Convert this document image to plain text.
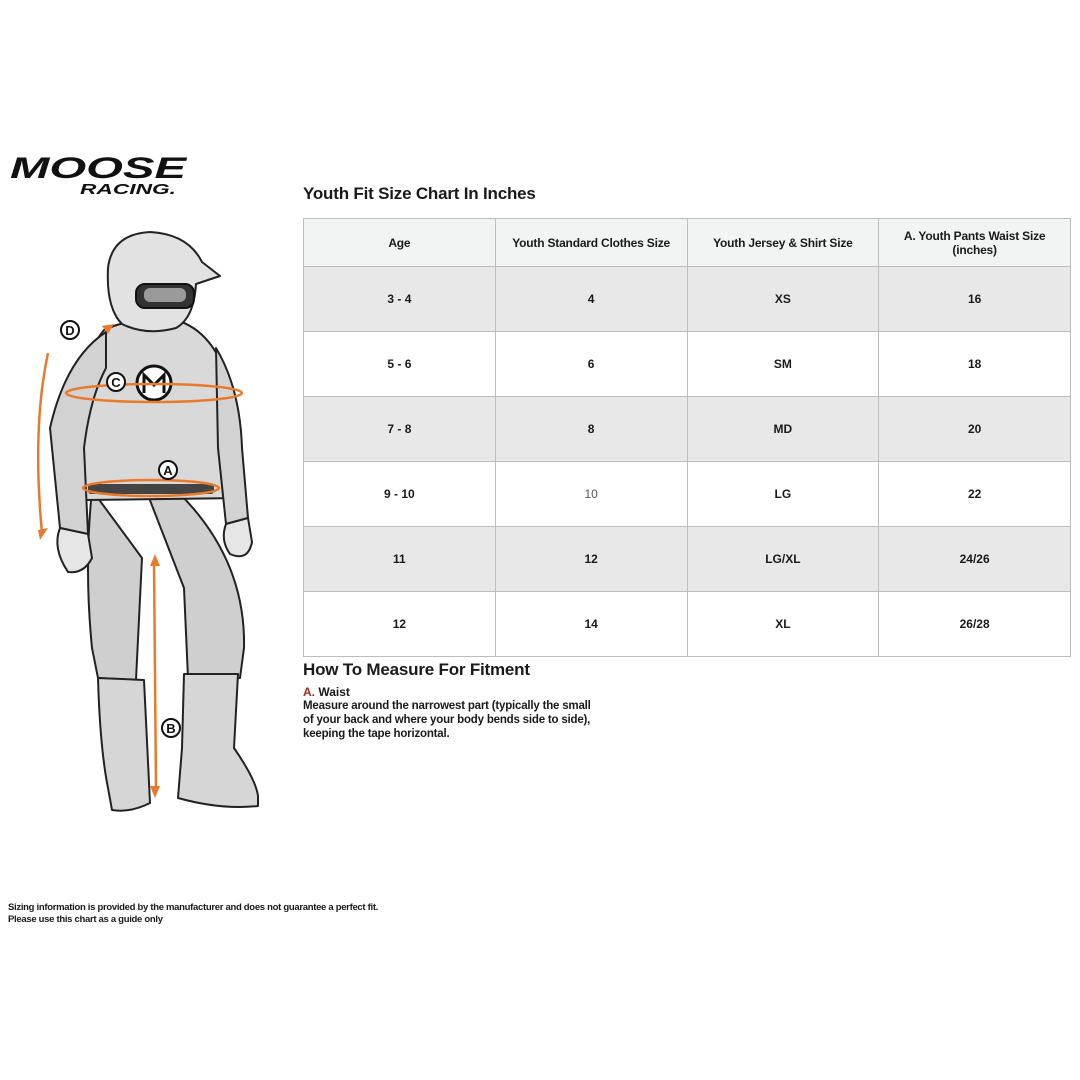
MOOSE
RACING.
D
C
A
B
Youth Fit Size Chart In Inches
Age	Youth Standard Clothes Size	Youth Jersey & Shirt Size	A. Youth Pants Waist Size (inches)
3 - 4	4	XS	16
5 - 6	6	SM	18
7 - 8	8	MD	20
9 - 10	10	LG	22
11	12	LG/XL	24/26
12	14	XL	26/28
How To Measure For Fitment
A. Waist

Measure around the narrowest part (typically the small of your back and where your body bends side to side), keeping the tape horizontal.

Sizing information is provided by the manufacturer and does not guarantee a perfect fit.
Please use this chart as a guide only
